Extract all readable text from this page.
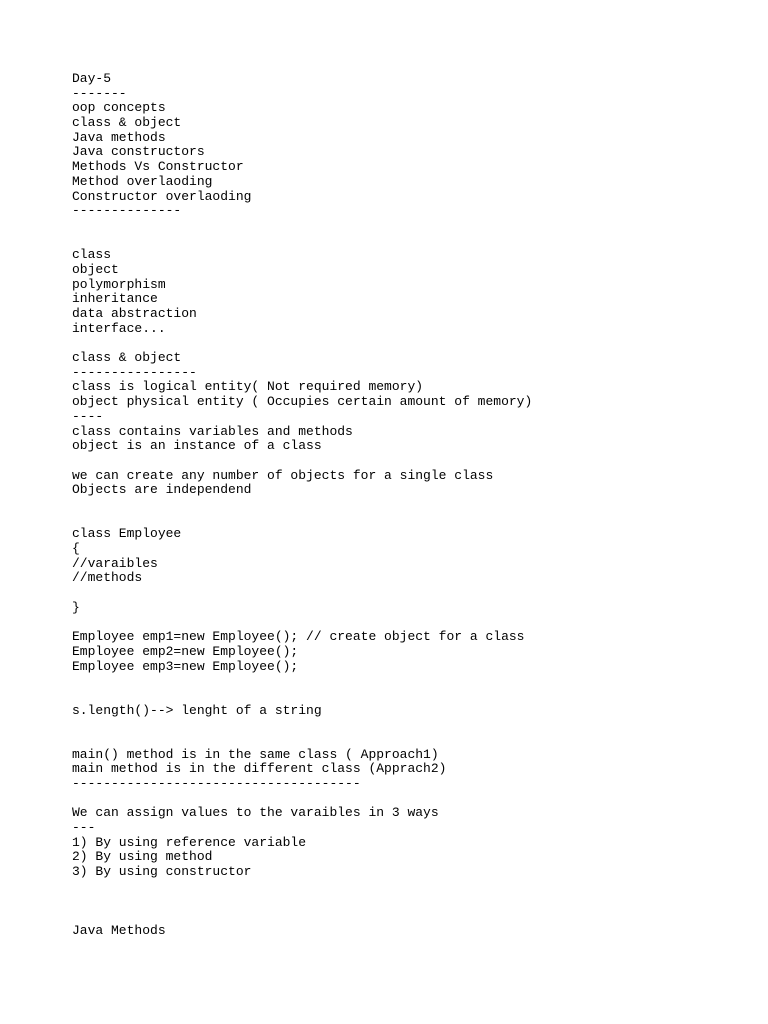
Day-5
-------
oop concepts
class & object
Java methods
Java constructors
Methods Vs Constructor
Method overlaoding
Constructor overlaoding
--------------
class
object
polymorphism
inheritance
data abstraction
interface...
class & object
----------------
class is logical entity( Not required memory)
object physical entity ( Occupies certain amount of memory)
----
class contains variables and methods
object is an instance of a class
we can create any number of objects for a single class
Objects are independend
class Employee
{
//varaibles
//methods
}
Employee emp1=new Employee(); // create object for a class
Employee emp2=new Employee();
Employee emp3=new Employee();
s.length()--> lenght of a string
main() method is in the same class ( Approach1)
main method is in the different class (Apprach2)
-------------------------------------
We can assign values to the varaibles in 3 ways
---
1) By using reference variable
2) By using method
3) By using constructor
Java Methods
